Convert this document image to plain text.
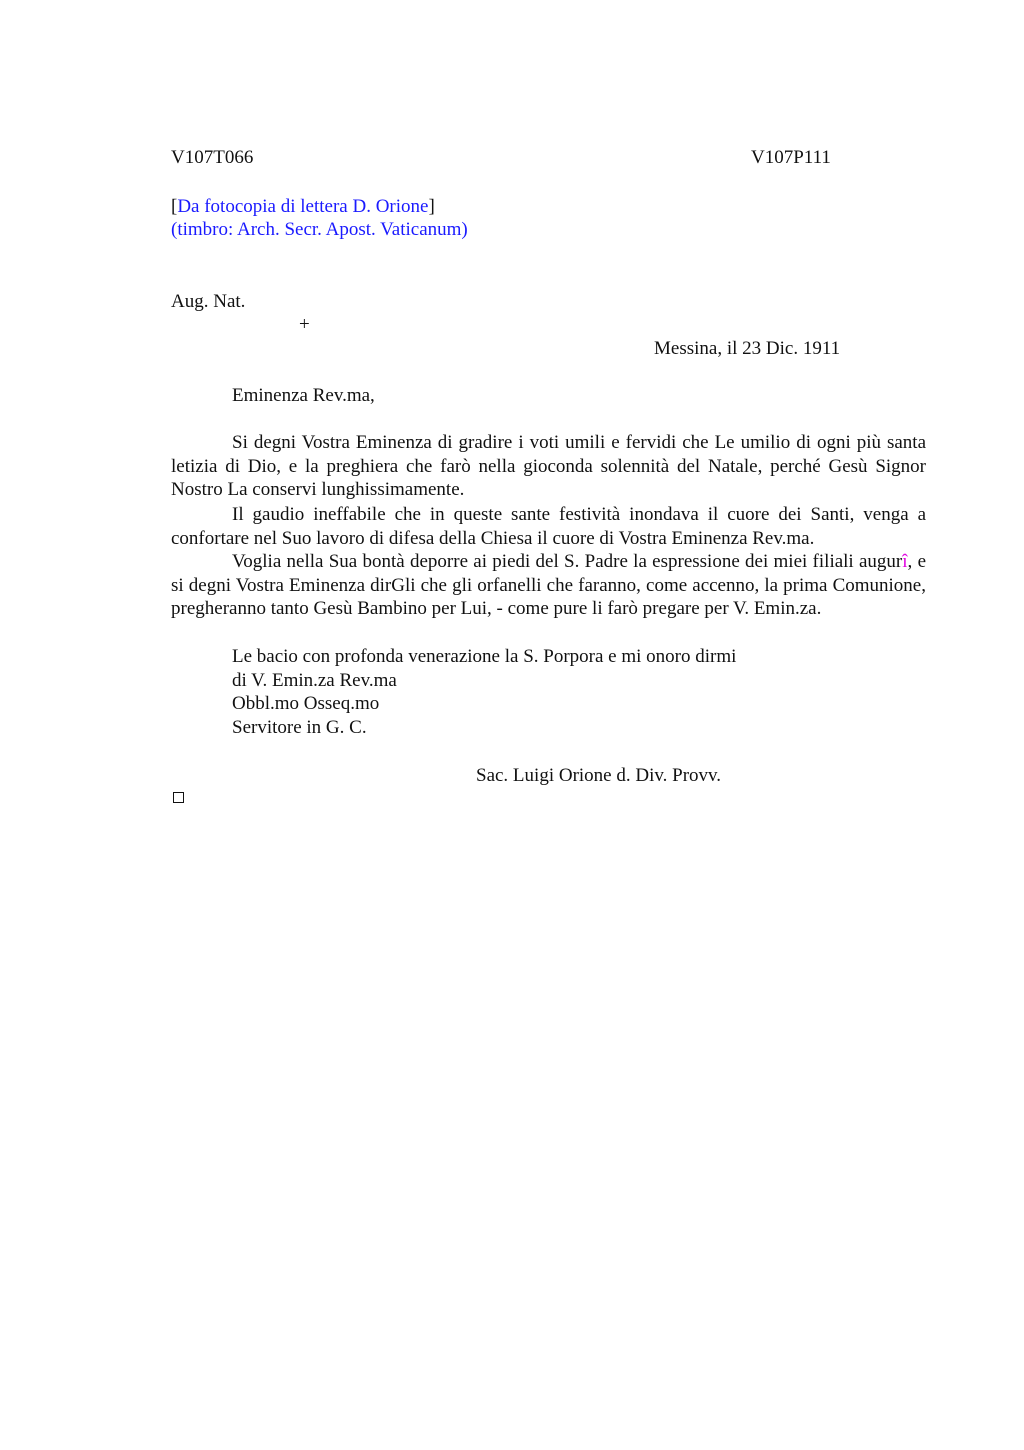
V107T066	V107P111
[Da fotocopia di lettera D. Orione]
(timbro: Arch. Secr. Apost. Vaticanum)
Aug. Nat.
+
Messina, il 23 Dic. 1911
Eminenza Rev.ma,
Si degni Vostra Eminenza di gradire i voti umili e fervidi che Le umilio di ogni più santa letizia di Dio, e la preghiera che farò nella gioconda solennità del Natale, perché Gesù Signor Nostro La conservi lunghissimamente.
Il gaudio ineffabile che in queste sante festività inondava il cuore dei Santi, venga a confortare nel Suo lavoro di difesa della Chiesa il cuore di Vostra Eminenza Rev.ma.
Voglia nella Sua bontà deporre ai piedi del S. Padre la espressione dei miei filiali augurî, e si degni Vostra Eminenza dirGli che gli orfanelli che faranno, come accenno, la prima Comunione, pregheranno tanto Gesù Bambino per Lui, - come pure li farò pregare per V. Emin.za.
Le bacio con profonda venerazione la S. Porpora e mi onoro dirmi
di V. Emin.za Rev.ma
Obbl.mo Osseq.mo
Servitore in G. C.
Sac. Luigi Orione d. Div. Provv.
